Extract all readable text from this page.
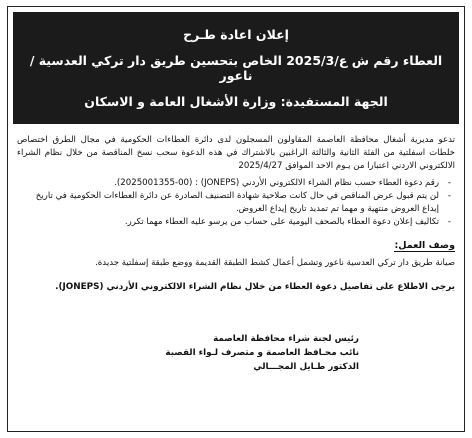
إعلان اعادة طـرح
العطاء رقم ش ع/2025/3 الخاص بتحسين طريق دار تركي العدسية / ناعور
الجهة المستفيدة: وزارة الأشغال العامة و الاسكان
تدعو مديرية أشغال محافظة العاصمة المقاولون المسجلون لدى دائرة العطاءات الحكومية في مجال الطرق اختصاص خلطات اسفلتية من الفئة الثانية والثالثة الراغبين بالاشتراك في هذه الدعوة سحب نسخ المناقصة من خلال نظام الشراء الالكتروني الاردني اعتبارا من يـوم الاحد الموافق 2025/4/27
- رقم دعوة العطاء حسب نظام الشراء الالكتروني الأردني (JONEPS) : (2025001355-00).
- لن يتم قبول عرض المناقص في حال كانت صلاحية شهادة التصنيف الصادرة عن دائرة العطاءات الحكومية في تاريخ إيداع العروض منتهية و مهما تم تمديد تاريخ إيداع العروض.
- تكاليف إعلان دعوة العطاء بالصحف اليومية على حساب من يرسو عليه العطاء مهما تكرر.
وصف العمل:
صيانة طريق دار تركي العدسية ناعور وتشمل أعمال كشط الطبقة القديمة ووضع طبقة إسفلتية جديدة.
يرجى الاطلاع على تفاصيل دعوة العطاء من خلال نظام الشراء الالكتروني الأردني (JONEPS).
رئيس لجنة شراء محافظة العاصمة
نائب محـافظ العاصمة و متصرف لـواء القصبة
الدكتور طـايل المجـــالي
